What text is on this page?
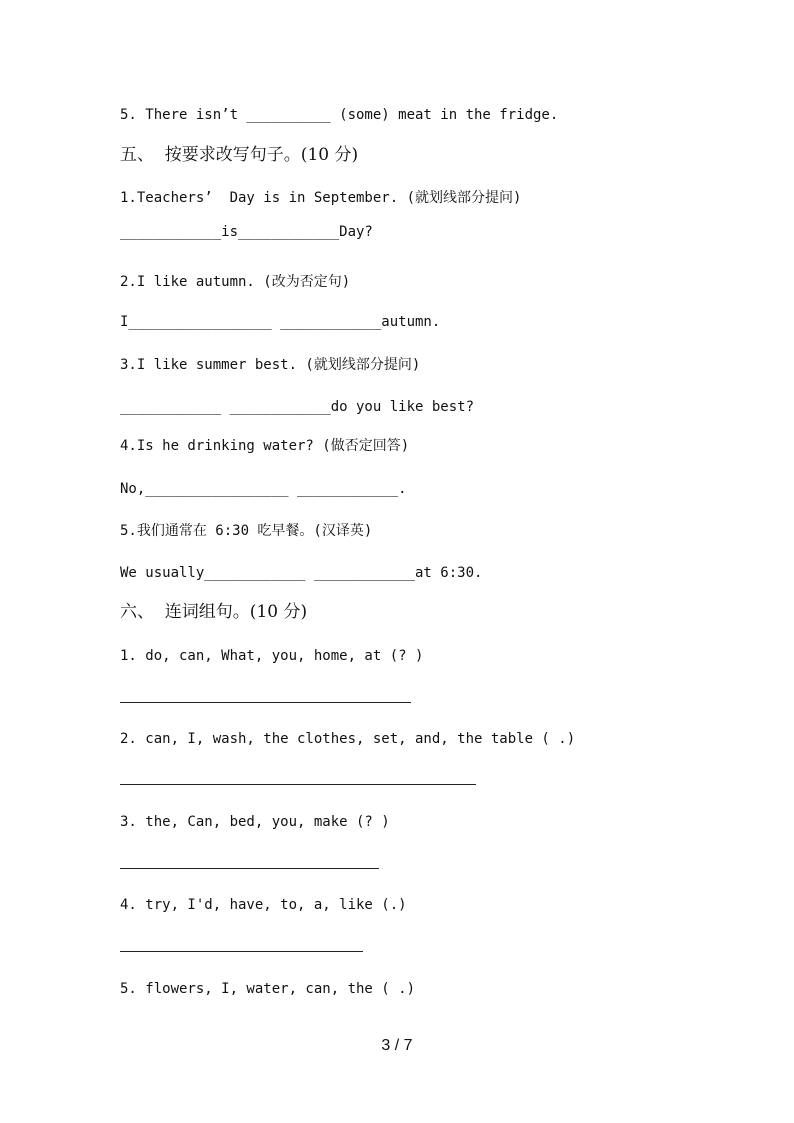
5. There isn’t __________ (some) meat in the fridge.
五、  按要求改写句子。(10 分)
1.Teachers’  Day is in September. (就划线部分提问)
____________is____________Day?
2.I like autumn. (改为否定句)
I_________________ ____________autumn.
3.I like summer best. (就划线部分提问)
____________ ____________do you like best?
4.Is he drinking water? (做否定回答)
No,_________________ ____________.
5.我们通常在 6:30 吃早餐。(汉译英)
We usually____________ ____________at 6:30.
六、  连词组句。(10 分)
1. do, can, What, you, home, at (? )
2. can, I, wash, the clothes, set, and, the table ( .)
3. the, Can, bed, you, make (? )
4. try, I'd, have, to, a, like (.)
5. flowers, I, water, can, the ( .)
3 / 7
